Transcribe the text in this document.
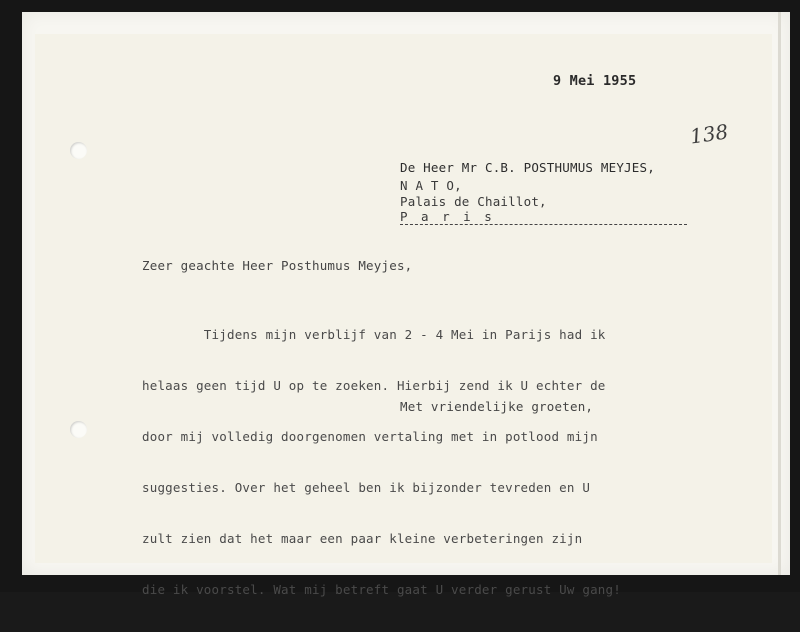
9 Mei 1955
138
De Heer Mr C.B. POSTHUMUS MEYJES,
N A T O,
Palais de Chaillot,
P a r i s
Zeer geachte Heer Posthumus Meyjes,

Tijdens mijn verblijf van 2 - 4 Mei in Parijs had ik

helaas geen tijd U op te zoeken. Hierbij zend ik U echter de

door mij volledig doorgenomen vertaling met in potlood mijn

suggesties. Over het geheel ben ik bijzonder tevreden en U

zult zien dat het maar een paar kleine verbeteringen zijn

die ik voorstel. Wat mij betreft gaat U verder gerust Uw gang!

Met vriendelijke groeten,
